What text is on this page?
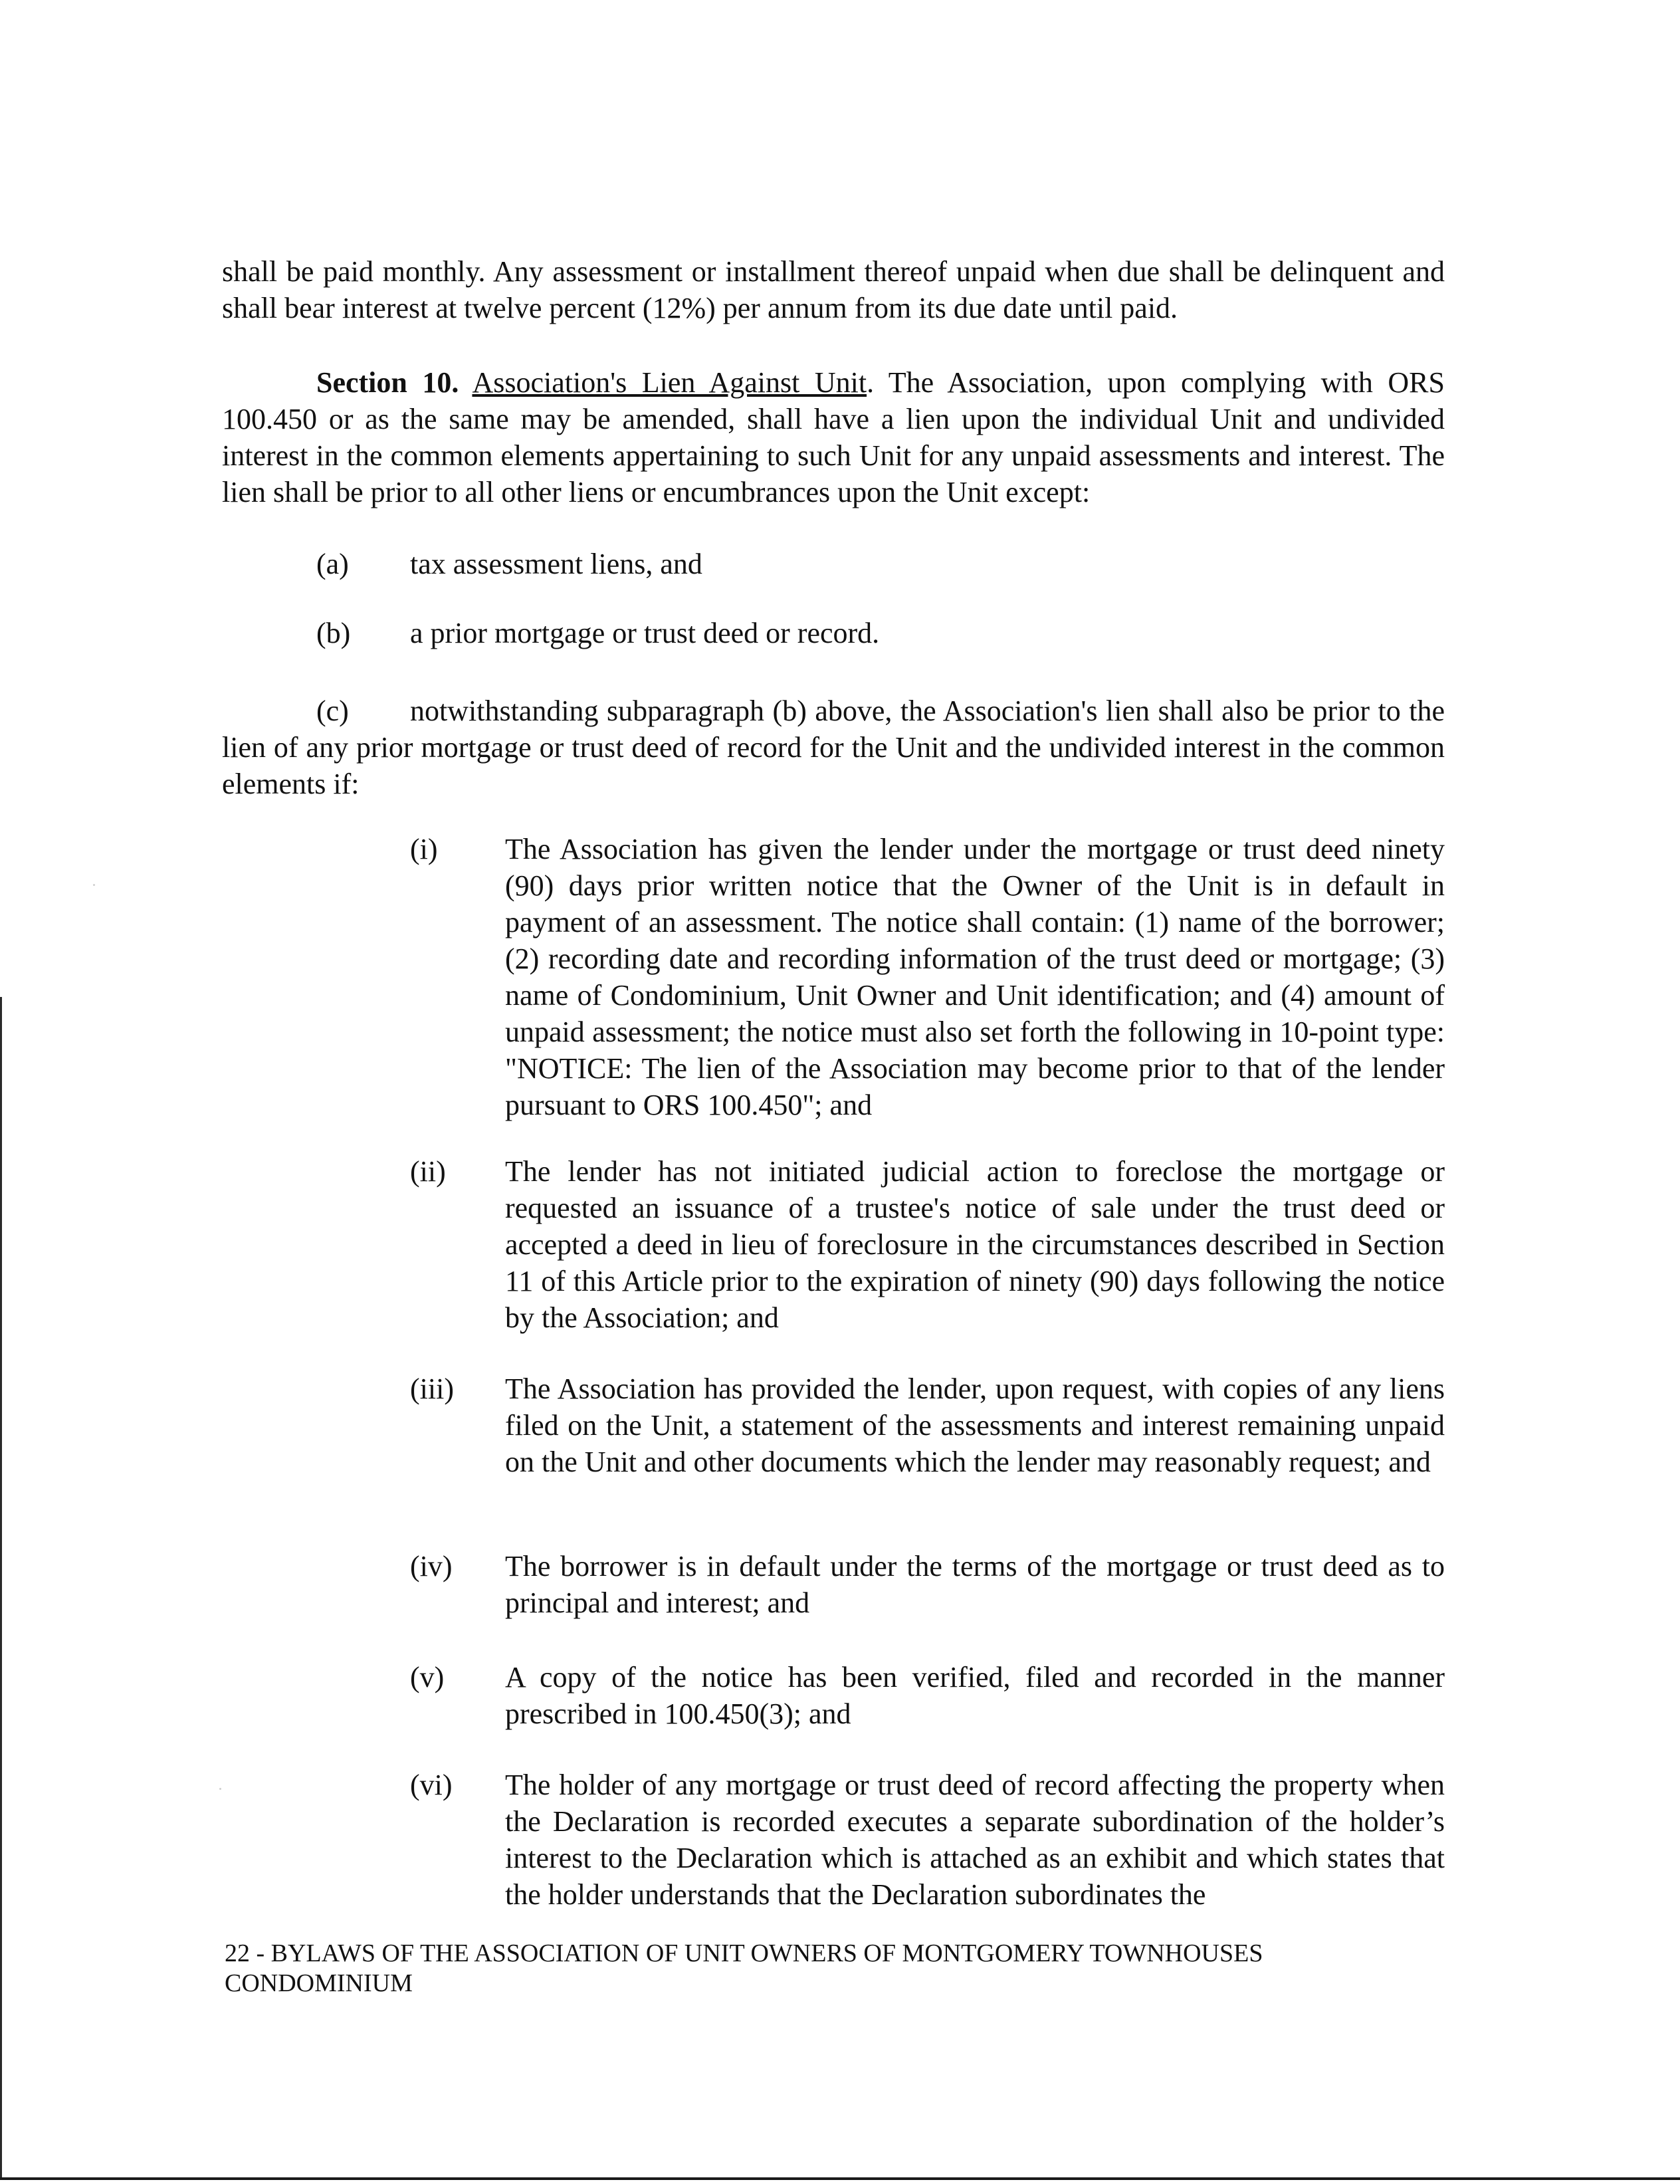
shall be paid monthly. Any assessment or installment thereof unpaid when due shall be delinquent and shall bear interest at twelve percent (12%) per annum from its due date until paid.
Section 10. Association's Lien Against Unit. The Association, upon complying with ORS 100.450 or as the same may be amended, shall have a lien upon the individual Unit and undivided interest in the common elements appertaining to such Unit for any unpaid assessments and interest. The lien shall be prior to all other liens or encumbrances upon the Unit except:
(a) tax assessment liens, and
(b) a prior mortgage or trust deed or record.
(c) notwithstanding subparagraph (b) above, the Association's lien shall also be prior to the lien of any prior mortgage or trust deed of record for the Unit and the undivided interest in the common elements if:
(i) The Association has given the lender under the mortgage or trust deed ninety (90) days prior written notice that the Owner of the Unit is in default in payment of an assessment. The notice shall contain: (1) name of the borrower; (2) recording date and recording information of the trust deed or mortgage; (3) name of Condominium, Unit Owner and Unit identification; and (4) amount of unpaid assessment; the notice must also set forth the following in 10-point type: "NOTICE: The lien of the Association may become prior to that of the lender pursuant to ORS 100.450"; and
(ii) The lender has not initiated judicial action to foreclose the mortgage or requested an issuance of a trustee's notice of sale under the trust deed or accepted a deed in lieu of foreclosure in the circumstances described in Section 11 of this Article prior to the expiration of ninety (90) days following the notice by the Association; and
(iii) The Association has provided the lender, upon request, with copies of any liens filed on the Unit, a statement of the assessments and interest remaining unpaid on the Unit and other documents which the lender may reasonably request; and
(iv) The borrower is in default under the terms of the mortgage or trust deed as to principal and interest; and
(v) A copy of the notice has been verified, filed and recorded in the manner prescribed in 100.450(3); and
(vi) The holder of any mortgage or trust deed of record affecting the property when the Declaration is recorded executes a separate subordination of the holder’s interest to the Declaration which is attached as an exhibit and which states that the holder understands that the Declaration subordinates the
22 - BYLAWS OF THE ASSOCIATION OF UNIT OWNERS OF MONTGOMERY TOWNHOUSES
CONDOMINIUM
